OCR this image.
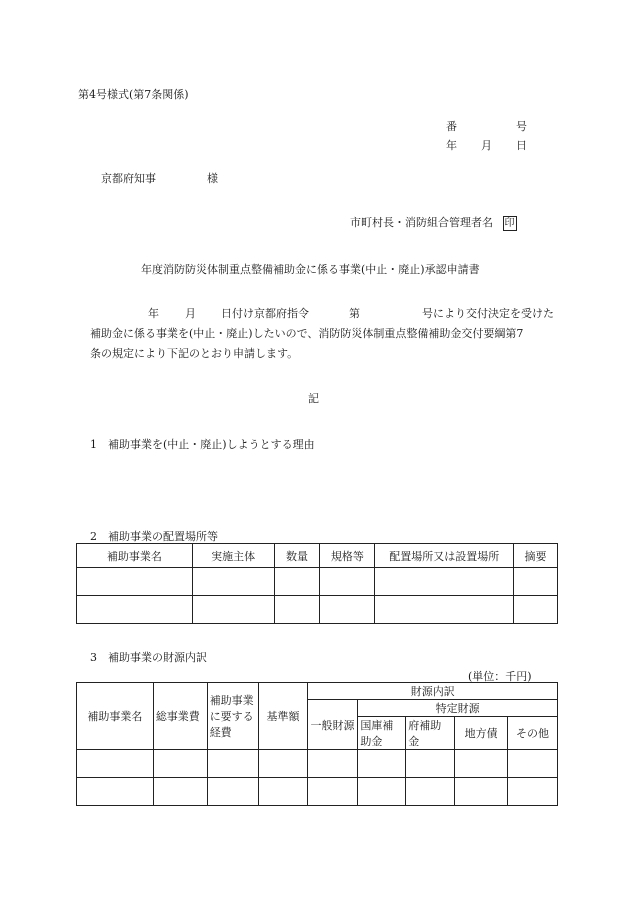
第4号様式(第7条関係)
番	号
年 月 日
京都府知事	様
市町村長・消防組合管理者名 印
年度消防防災体制重点整備補助金に係る事業(中止・廃止)承認申請書
年 月 日付け京都府指令	第	号により交付決定を受けた
補助金に係る事業を(中止・廃止)したいので、消防防災体制重点整備補助金交付要綱第7
条の規定により下記のとおり申請します。
記
1　補助事業を(中止・廃止)しようとする理由
2　補助事業の配置場所等
補助事業名	実施主体	数量	規格等	配置場所又は設置場所	摘要

3　補助事業の財源内訳
(単位：千円)
補助事業名	総事業費	補助事業に要する経費	基準額	財源内訳				
				一般財源	特定財源			
					国庫補助金	府補助金	地方債	その他
